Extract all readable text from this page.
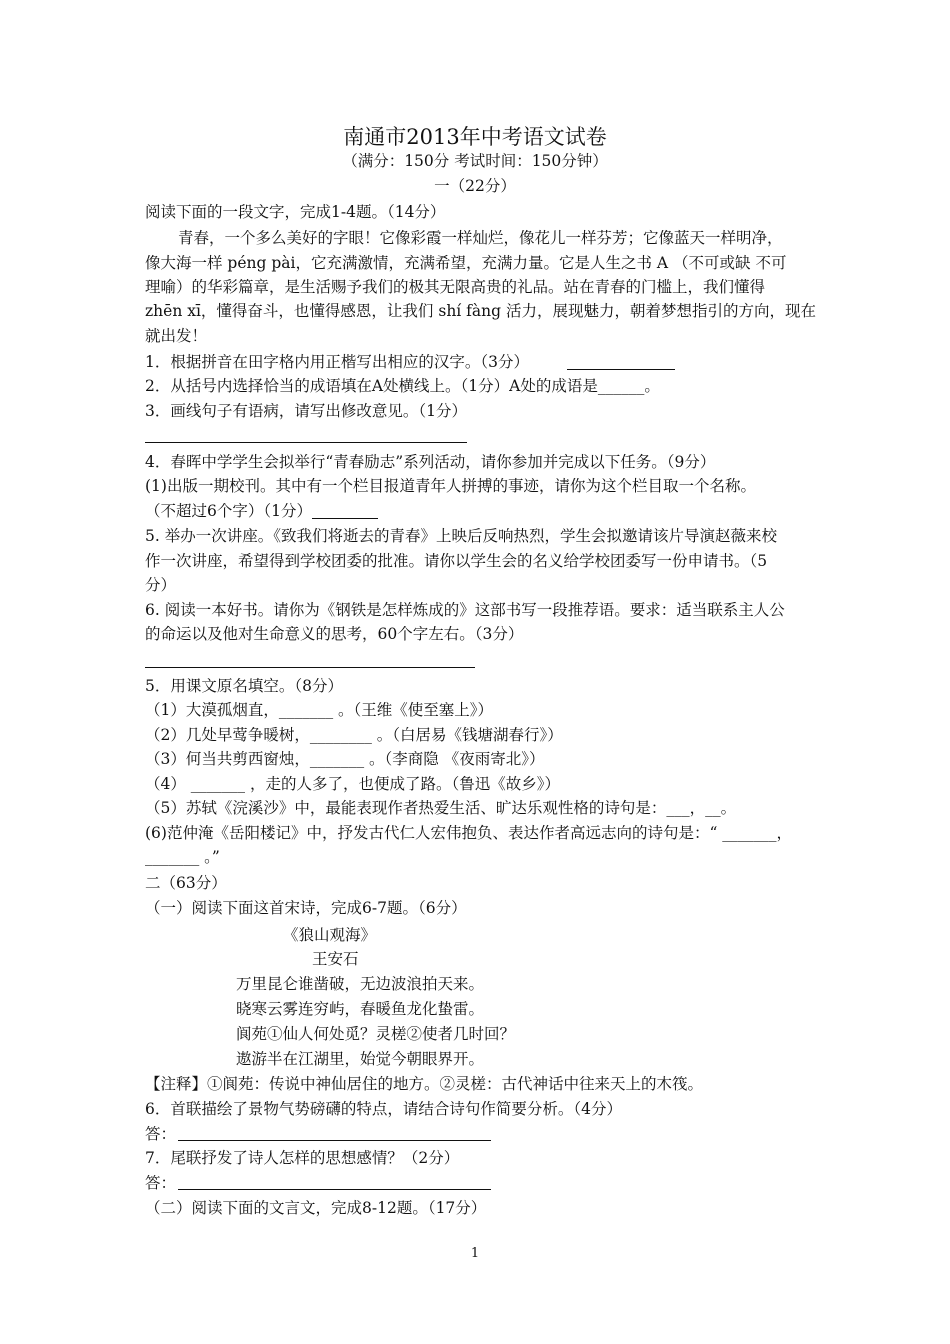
南通市2013年中考语文试卷
（满分：150分 考试时间：150分钟）
一（22分）
阅读下面的一段文字，完成1-4题。（14分）
青春，一个多么美好的字眼！它像彩霞一样灿烂，像花儿一样芬芳；它像蓝天一样明净，
像大海一样 péng pài，它充满激情，充满希望，充满力量。它是人生之书 A （不可或缺 不可
理喻）的华彩篇章，是生活赐予我们的极其无限高贵的礼品。站在青春的门槛上，我们懂得
zhēn xī，懂得奋斗，也懂得感恩，让我们 shí fàng 活力，展现魅力，朝着梦想指引的方向，现在
就出发！
1．根据拼音在田字格内用正楷写出相应的汉字。（3分）
2．从括号内选择恰当的成语填在A处横线上。（1分）A处的成语是______。
3．画线句子有语病，请写出修改意见。（1分）
4．春晖中学学生会拟举行“青春励志”系列活动，请你参加并完成以下任务。（9分）
(1)出版一期校刊。其中有一个栏目报道青年人拼搏的事迹，请你为这个栏目取一个名称。
（不超过6个字）（1分）
5. 举办一次讲座。《致我们将逝去的青春》上映后反响热烈，学生会拟邀请该片导演赵薇来校
作一次讲座，希望得到学校团委的批准。请你以学生会的名义给学校团委写一份申请书。（5
分）
6. 阅读一本好书。请你为《钢铁是怎样炼成的》这部书写一段推荐语。要求：适当联系主人公
的命运以及他对生命意义的思考，60个字左右。（3分）
5．用课文原名填空。（8分）
（1）大漠孤烟直，_______ 。（王维《使至塞上》）
（2）几处早莺争暖树，________ 。（白居易《钱塘湖春行》）
（3）何当共剪西窗烛，_______ 。（李商隐 《夜雨寄北》）
（4） _______ ，走的人多了，也便成了路。（鲁迅《故乡》）
（5）苏轼《浣溪沙》中，最能表现作者热爱生活、旷达乐观性格的诗句是：___，__。
(6)范仲淹《岳阳楼记》中，抒发古代仁人宏伟抱负、表达作者高远志向的诗句是：“ _______，
_______ 。”
二（63分）
（一）阅读下面这首宋诗，完成6-7题。（6分）
《狼山观海》
王安石
万里昆仑谁凿破，无边波浪拍天来。
晓寒云雾连穷屿，春暖鱼龙化蛰雷。
阆苑①仙人何处觅？灵槎②使者几时回？
遨游半在江湖里，始觉今朝眼界开。
【注释】①阆苑：传说中神仙居住的地方。②灵槎：古代神话中往来天上的木筏。
6．首联描绘了景物气势磅礴的特点，请结合诗句作简要分析。（4分）
答：
7．尾联抒发了诗人怎样的思想感情？（2分）
答：
（二）阅读下面的文言文，完成8-12题。（17分）
1
